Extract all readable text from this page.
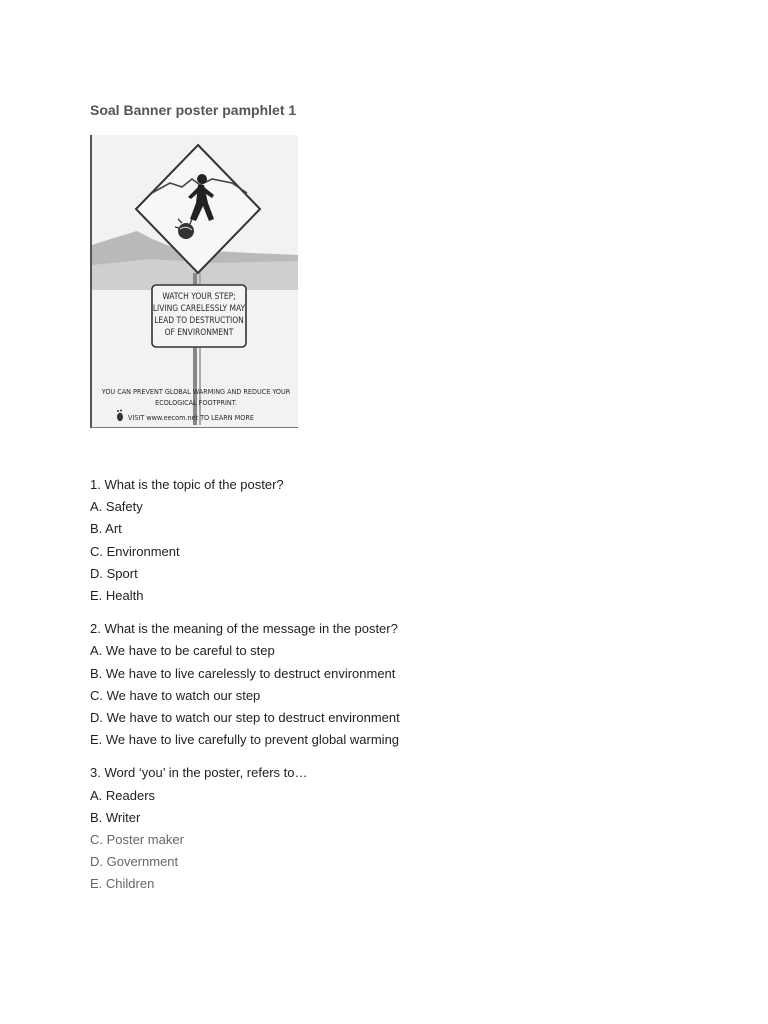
Soal Banner poster pamphlet 1
WATCH YOUR STEP;
LIVING CARELESSLY MAY
LEAD TO DESTRUCTION
OF ENVIRONMENT
YOU CAN PREVENT GLOBAL WARMING AND REDUCE YOUR
ECOLOGICAL FOOTPRINT.
VISIT www.eecom.net TO LEARN MORE
1. What is the topic of the poster?
A. Safety
B. Art
C. Environment
D. Sport
E. Health
2. What is the meaning of the message in the poster?
A. We have to be careful to step
B. We have to live carelessly to destruct environment
C. We have to watch our step
D. We have to watch our step to destruct environment
E. We have to live carefully to prevent global warming
3. Word ‘you’ in the poster, refers to…
A. Readers
B. Writer
C. Poster maker
D. Government
E. Children
